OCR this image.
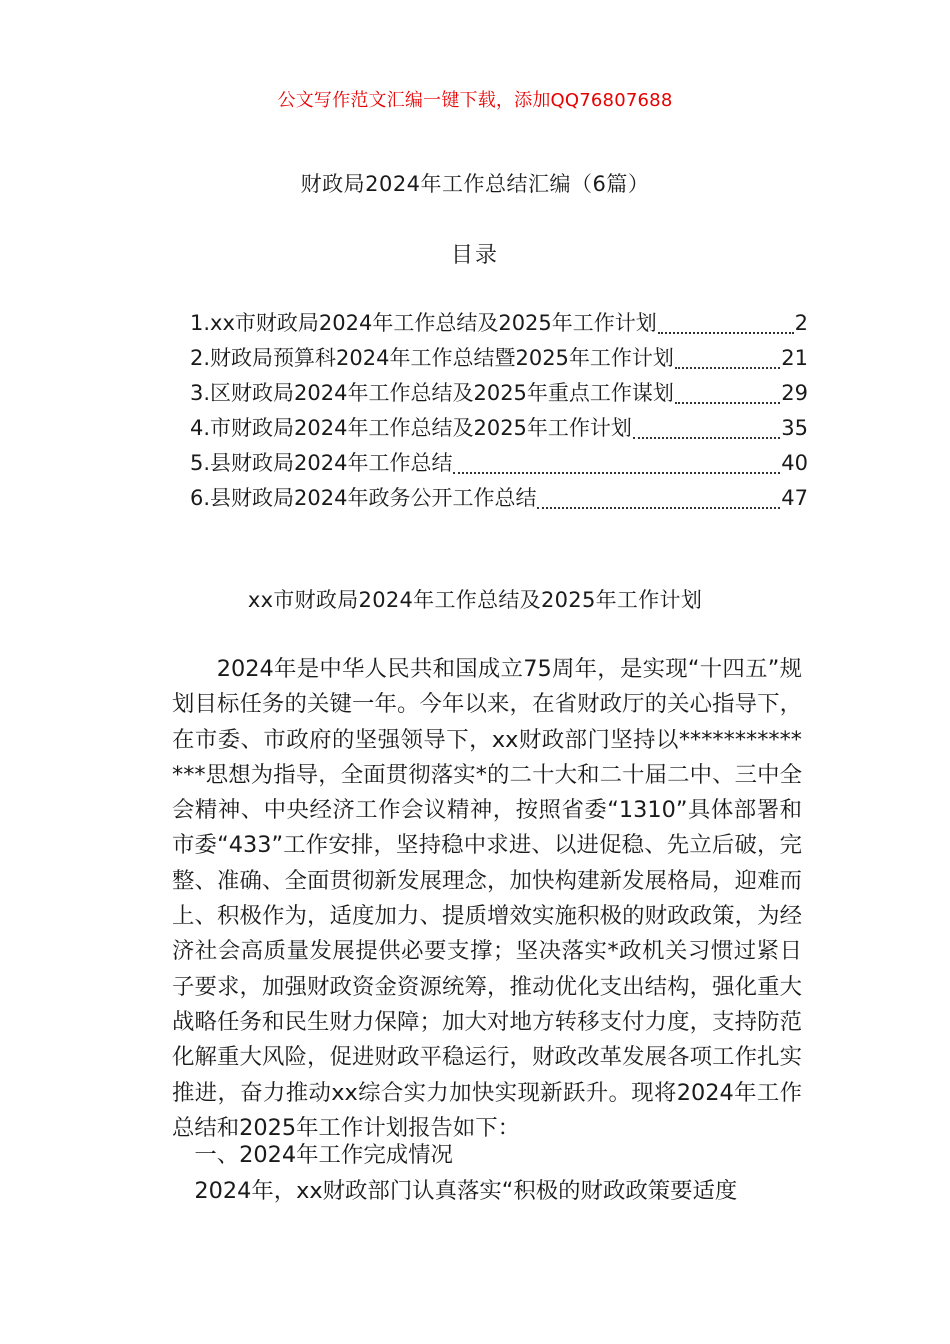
公文写作范文汇编一键下载，添加QQ76807688
财政局2024年工作总结汇编（6篇）
目录
1.xx市财政局2024年工作总结及2025年工作计划	2
2.财政局预算科2024年工作总结暨2025年工作计划	21
3.区财政局2024年工作总结及2025年重点工作谋划	29
4.市财政局2024年工作总结及2025年工作计划	35
5.县财政局2024年工作总结	40
6.县财政局2024年政务公开工作总结	47
xx市财政局2024年工作总结及2025年工作计划

2024年是中华人民共和国成立75周年，是实现“十四五”规划目标任务的关键一年。今年以来，在省财政厅的关心指导下，在市委、市政府的坚强领导下，xx财政部门坚持以**************思想为指导，全面贯彻落实*的二十大和二十届二中、三中全会精神、中央经济工作会议精神，按照省委“1310”具体部署和市委“433”工作安排，坚持稳中求进、以进促稳、先立后破，完整、准确、全面贯彻新发展理念，加快构建新发展格局，迎难而上、积极作为，适度加力、提质增效实施积极的财政政策，为经济社会高质量发展提供必要支撑；坚决落实*政机关习惯过紧日子要求，加强财政资金资源统筹，推动优化支出结构，强化重大战略任务和民生财力保障；加大对地方转移支付力度，支持防范化解重大风险，促进财政平稳运行，财政改革发展各项工作扎实推进，奋力推动xx综合实力加快实现新跃升。现将2024年工作总结和2025年工作计划报告如下：

一、2024年工作完成情况

2024年，xx财政部门认真落实“积极的财政政策要适度
